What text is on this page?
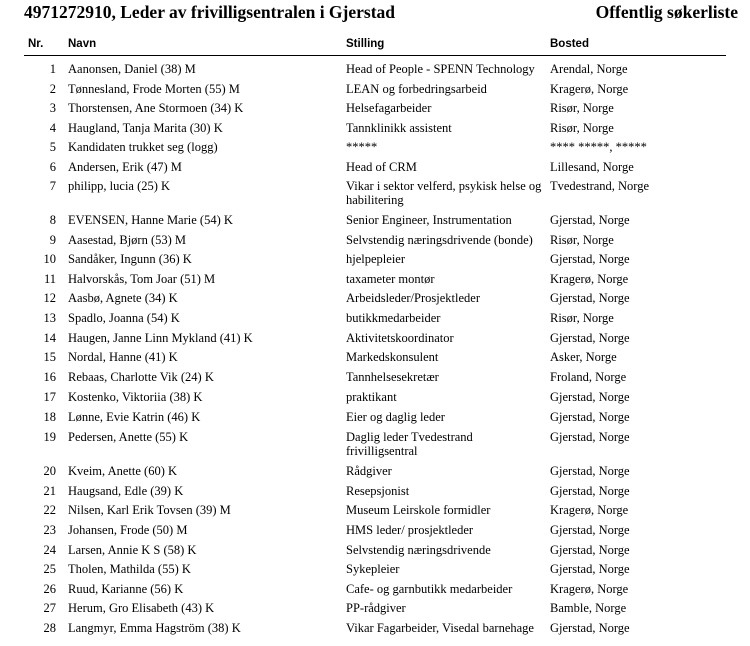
4971272910, Leder av frivilligsentralen i Gjerstad	Offentlig søkerliste
Nr. Navn	Stilling	Bosted
1 Aanonsen, Daniel (38) M	Head of People - SPENN Technology	Arendal, Norge
2 Tønnesland, Frode Morten (55) M	LEAN og forbedringsarbeid	Kragerø, Norge
3 Thorstensen, Ane Stormoen (34) K	Helsefagarbeider	Risør, Norge
4 Haugland, Tanja Marita (30) K	Tannklinikk assistent	Risør, Norge
5 Kandidaten trukket seg (logg)	*****	**** *****, *****
6 Andersen, Erik (47) M	Head of CRM	Lillesand, Norge
7 philipp, lucia (25) K	Vikar i sektor velferd, psykisk helse og habilitering
Tvedestrand, Norge
8 EVENSEN, Hanne Marie (54) K	Senior Engineer, Instrumentation	Gjerstad, Norge
9 Aasestad, Bjørn (53) M	Selvstendig næringsdrivende (bonde)	Risør, Norge
10 Sandåker, Ingunn (36) K	hjelpepleier	Gjerstad, Norge
11 Halvorskås, Tom Joar (51) M	taxameter montør	Kragerø, Norge
12 Aasbø, Agnete (34) K	Arbeidsleder/Prosjektleder	Gjerstad, Norge
13 Spadlo, Joanna (54) K	butikkmedarbeider	Risør, Norge
14 Haugen, Janne Linn Mykland (41) K	Aktivitetskoordinator	Gjerstad, Norge
15 Nordal, Hanne (41) K	Markedskonsulent	Asker, Norge
16 Rebaas, Charlotte Vik (24) K	Tannhelsesekretær	Froland, Norge
17 Kostenko, Viktoriia (38) K	praktikant	Gjerstad, Norge
18 Lønne, Evie Katrin (46) K	Eier og daglig leder	Gjerstad, Norge
19 Pedersen, Anette (55) K	Daglig leder Tvedestrand frivilligsentral
Gjerstad, Norge
20 Kveim, Anette (60) K	Rådgiver	Gjerstad, Norge
21 Haugsand, Edle (39) K	Resepsjonist	Gjerstad, Norge
22 Nilsen, Karl Erik Tovsen (39) M	Museum Leirskole formidler	Kragerø, Norge
23 Johansen, Frode (50) M	HMS leder/ prosjektleder	Gjerstad, Norge
24 Larsen, Annie K S (58) K	Selvstendig næringsdrivende	Gjerstad, Norge
25 Tholen, Mathilda (55) K	Sykepleier	Gjerstad, Norge
26 Ruud, Karianne (56) K	Cafe- og garnbutikk medarbeider	Kragerø, Norge
27 Herum, Gro Elisabeth (43) K	PP-rådgiver	Bamble, Norge
28 Langmyr, Emma Hagström (38) K	Vikar Fagarbeider, Visedal barnehage	Gjerstad, Norge
